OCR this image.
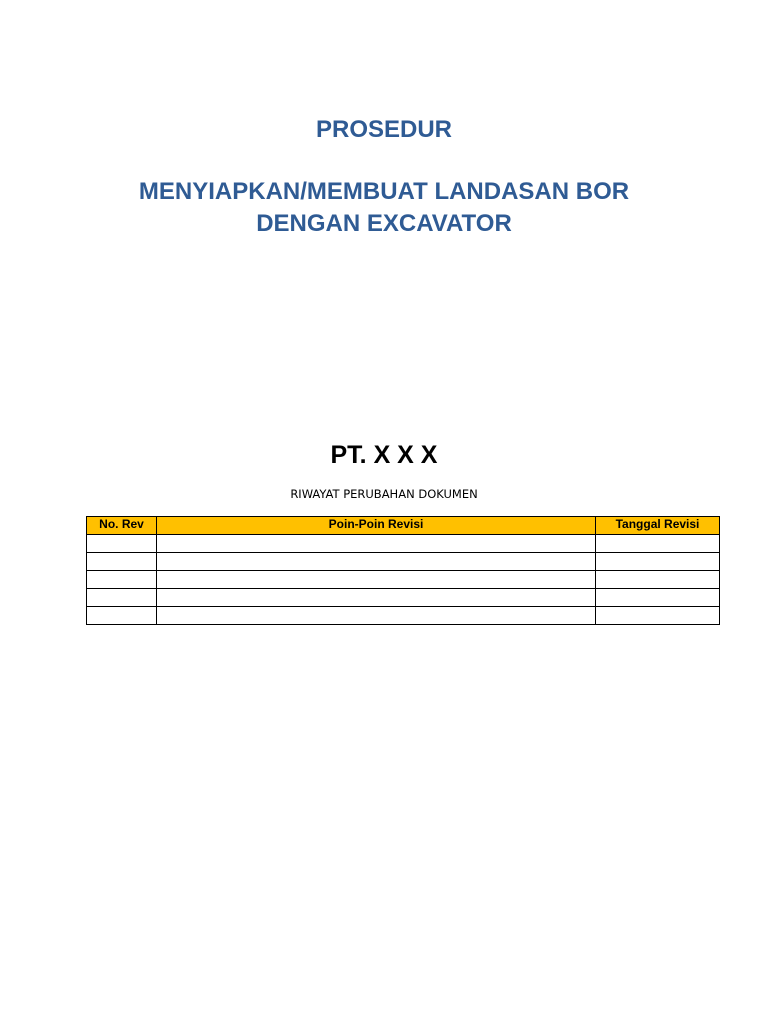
PROSEDUR
MENYIAPKAN/MEMBUAT LANDASAN BOR
DENGAN EXCAVATOR
PT. X X X
RIWAYAT PERUBAHAN DOKUMEN
No. Rev	Poin-Poin Revisi	Tanggal Revisi
